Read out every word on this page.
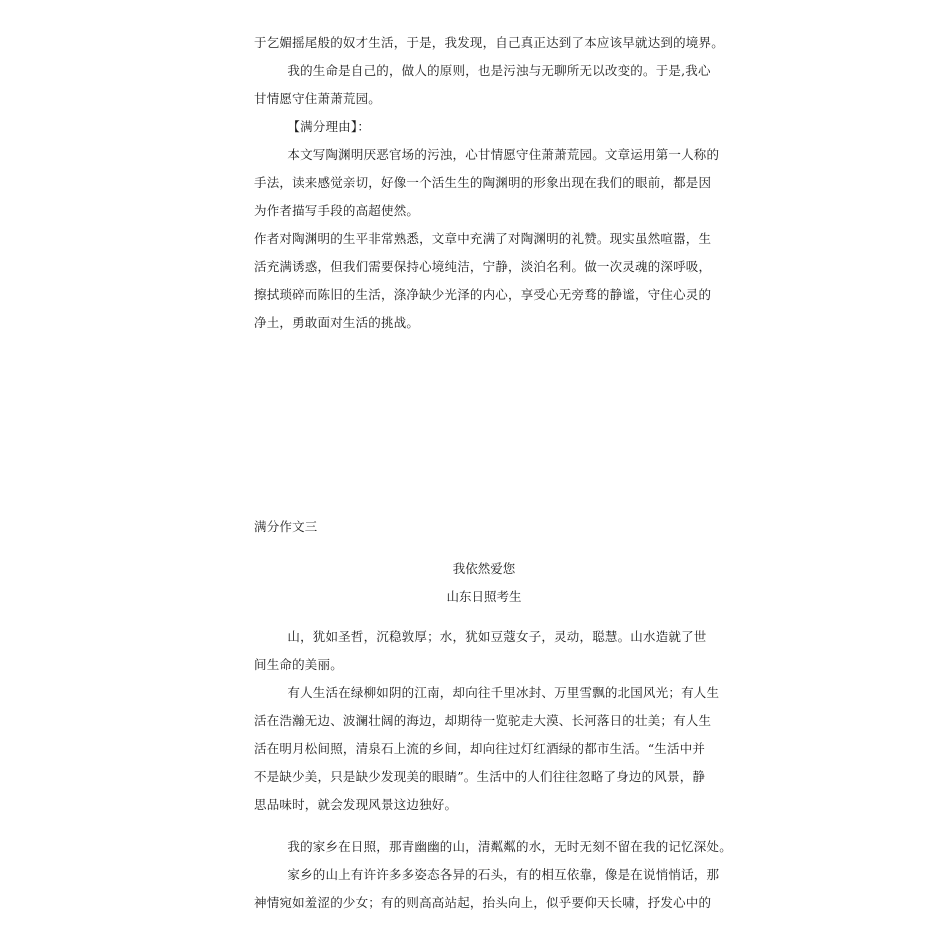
于乞媚摇尾般的奴才生活，于是，我发现，自己真正达到了本应该早就达到的境界。
我的生命是自己的，做人的原则，也是污浊与无聊所无以改变的。于是,我心
甘情愿守住萧萧荒园。
【满分理由】：
本文写陶渊明厌恶官场的污浊，心甘情愿守住萧萧荒园。文章运用第一人称的
手法，读来感觉亲切，好像一个活生生的陶渊明的形象出现在我们的眼前，都是因
为作者描写手段的高超使然。
作者对陶渊明的生平非常熟悉，文章中充满了对陶渊明的礼赞。现实虽然喧嚣，生
活充满诱惑，但我们需要保持心境纯洁，宁静，淡泊名利。做一次灵魂的深呼吸，
擦拭琐碎而陈旧的生活，涤净缺少光泽的内心，享受心无旁骛的静谧，守住心灵的
净土，勇敢面对生活的挑战。
满分作文三
我依然爱您
山东日照考生
山，犹如圣哲，沉稳敦厚；水，犹如豆蔻女子，灵动，聪慧。山水造就了世
间生命的美丽。
有人生活在绿柳如阴的江南，却向往千里冰封、万里雪飘的北国风光；有人生
活在浩瀚无边、波澜壮阔的海边，却期待一览驼走大漠、长河落日的壮美；有人生
活在明月松间照，清泉石上流的乡间，却向往过灯红酒绿的都市生活。“生活中并
不是缺少美，只是缺少发现美的眼睛”。生活中的人们往往忽略了身边的风景，静
思品味时，就会发现风景这边独好。
我的家乡在日照，那青幽幽的山，清粼粼的水，无时无刻不留在我的记忆深处。
家乡的山上有许许多多姿态各异的石头，有的相互依靠，像是在说悄悄话，那
神情宛如羞涩的少女；有的则高高站起，抬头向上，似乎要仰天长啸，抒发心中的
